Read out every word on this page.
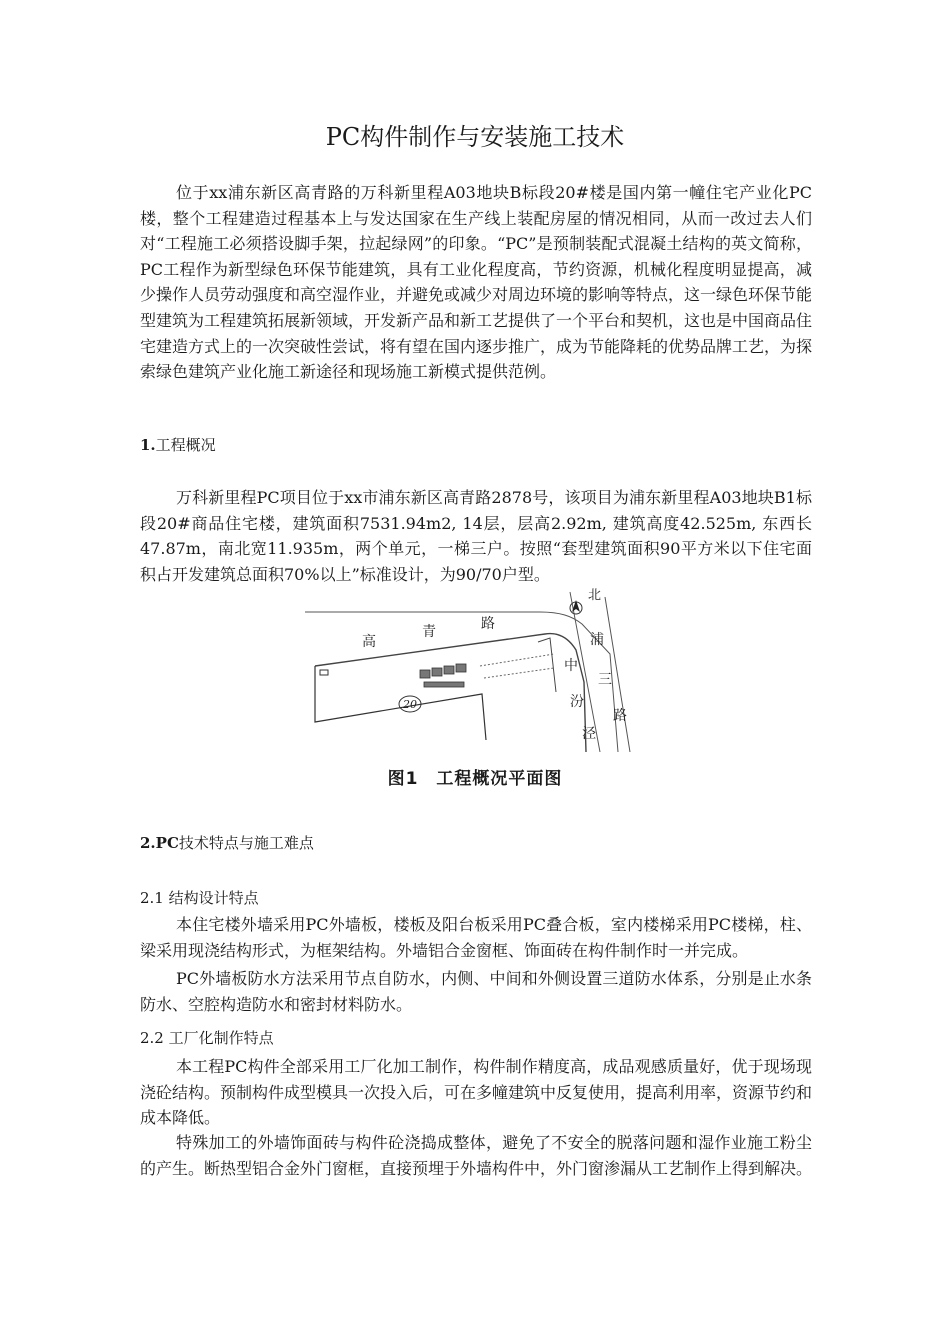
PC构件制作与安装施工技术

位于xx浦东新区高青路的万科新里程A03地块B标段20#楼是国内第一幢住宅产业化PC楼，整个工程建造过程基本上与发达国家在生产线上装配房屋的情况相同，从而一改过去人们对“工程施工必须搭设脚手架，拉起绿网”的印象。“PC”是预制装配式混凝土结构的英文简称，PC工程作为新型绿色环保节能建筑，具有工业化程度高，节约资源，机械化程度明显提高，减少操作人员劳动强度和高空湿作业，并避免或减少对周边环境的影响等特点，这一绿色环保节能型建筑为工程建筑拓展新领域，开发新产品和新工艺提供了一个平台和契机，这也是中国商品住宅建造方式上的一次突破性尝试，将有望在国内逐步推广，成为节能降耗的优势品牌工艺，为探索绿色建筑产业化施工新途径和现场施工新模式提供范例。

1.工程概况

万科新里程PC项目位于xx市浦东新区高青路2878号，该项目为浦东新里程A03地块B1标段20#商品住宅楼，建筑面积7531.94m2, 14层，层高2.92m, 建筑高度42.525m, 东西长47.87m，南北宽11.935m，两个单元，一梯三户。按照“套型建筑面积90平方米以下住宅面积占开发建筑总面积70%以上”标准设计，为90/70户型。

20
北
高
青	路
浦
三
路
中
汾
泾
图1　工程概况平面图
2.PC技术特点与施工难点
2.1 结构设计特点

本住宅楼外墙采用PC外墙板，楼板及阳台板采用PC叠合板，室内楼梯采用PC楼梯，柱、梁采用现浇结构形式，为框架结构。外墙铝合金窗框、饰面砖在构件制作时一并完成。

PC外墙板防水方法采用节点自防水，内侧、中间和外侧设置三道防水体系，分别是止水条防水、空腔构造防水和密封材料防水。

2.2 工厂化制作特点

本工程PC构件全部采用工厂化加工制作，构件制作精度高，成品观感质量好，优于现场现浇砼结构。预制构件成型模具一次投入后，可在多幢建筑中反复使用，提高利用率，资源节约和成本降低。

特殊加工的外墙饰面砖与构件砼浇捣成整体，避免了不安全的脱落问题和湿作业施工粉尘的产生。断热型铝合金外门窗框，直接预埋于外墙构件中，外门窗渗漏从工艺制作上得到解决。
